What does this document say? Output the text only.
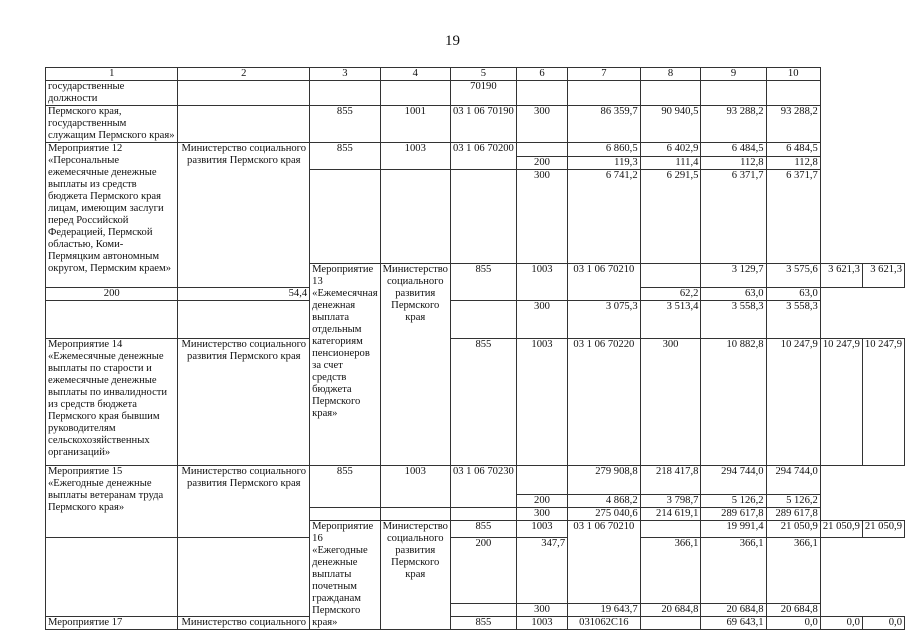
19
1	2	3	4	5	6	7	8	9	10		
государственные должности				70190							
Пермского края, государственным служащим Пермского края»		855	1001	03 1 06 70190	300	86 359,7	90 940,5	93 288,2	93 288,2		
Мероприятие 12 «Персональные ежемесячные денежные выплаты из средств бюджета Пермского края лицам, имеющим заслуги перед Российской Федерацией, Пермской областью, Коми-Пермяцким автономным округом, Пермским краем»	Министерство социального развития Пермского края	855	1003	03 1 06 70200		6 860,5	6 402,9	6 484,5	6 484,5		
					200	119,3	111,4	112,8	112,8		
					300	6 741,2	6 291,5	6 371,7	6 371,7		
		Мероприятие 13 «Ежемесячная денежная выплата отдельным категориям пенсионеров за счет средств бюджета Пермского края»	Министерство социального развития Пермского края	855	1003	03 1 06 70210		3 129,7	3 575,6	3 621,3	3 621,3
200	54,4						62,2	63,0	63,0		
					300	3 075,3	3 513,4	3 558,3	3 558,3		
Мероприятие 14 «Ежемесячные денежные выплаты по старости и ежемесячные денежные выплаты по инвалидности из средств бюджета Пермского края бывшим руководителям сельскохозяйственных организаций»	Министерство социального развития Пермского края			855	1003	03 1 06 70220	300	10 882,8	10 247,9	10 247,9	10 247,9
Мероприятие 15 «Ежегодные денежные выплаты ветеранам труда Пермского края»	Министерство социального развития Пермского края	855	1003	03 1 06 70230		279 908,8	218 417,8	294 744,0	294 744,0		
					200	4 868,2	3 798,7	5 126,2	5 126,2		
					300	275 040,6	214 619,1	289 617,8	289 617,8		
		Мероприятие 16 «Ежегодные денежные выплаты почетным гражданам Пермского края»	Министерство социального развития Пермского края	855	1003	03 1 06 70210		19 991,4	21 050,9	21 050,9	21 050,9
				200	347,7		366,1	366,1	366,1		
					300	19 643,7	20 684,8	20 684,8	20 684,8		
Мероприятие 17	Министерство социального			855	1003	031062С16		69 643,1	0,0	0,0	0,0
